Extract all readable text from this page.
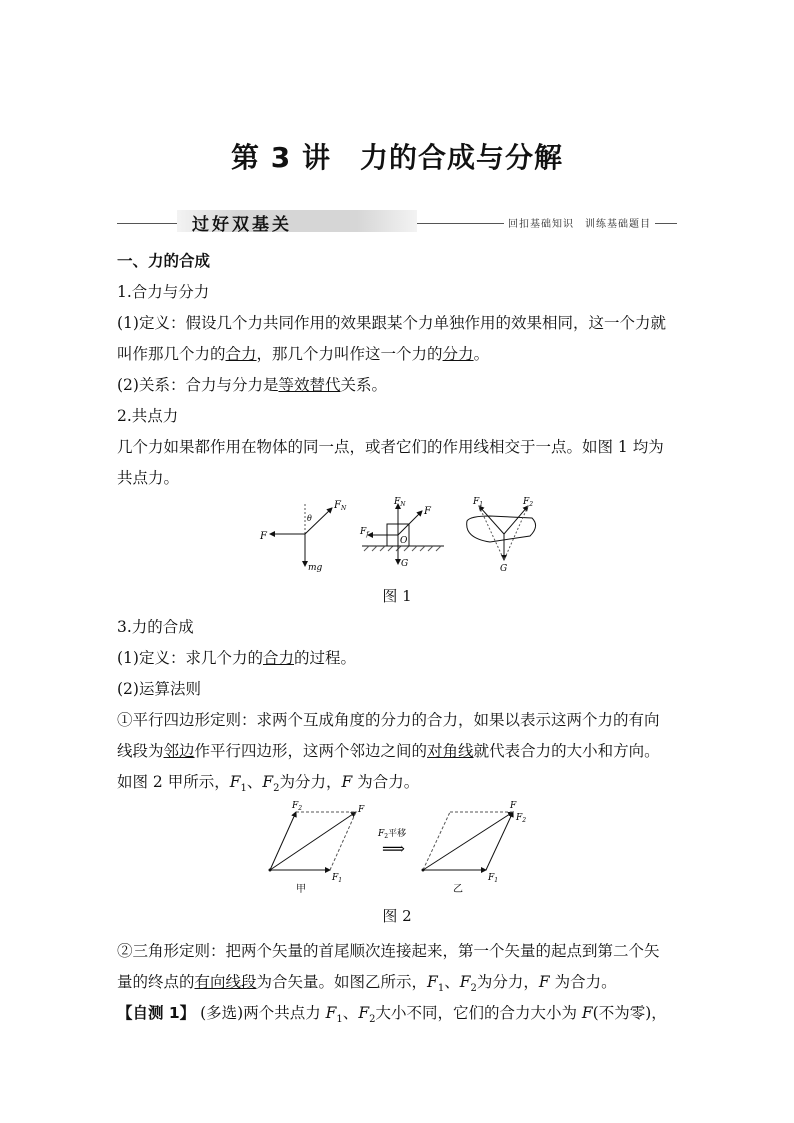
第 3 讲　力的合成与分解
过好双基关	回扣基础知识　训练基础题目
一、力的合成
1.合力与分力
(1)定义：假设几个力共同作用的效果跟某个力单独作用的效果相同，这一个力就
叫作那几个力的合力，那几个力叫作这一个力的分力。
(2)关系：合力与分力是等效替代关系。
2.共点力
几个力如果都作用在物体的同一点，或者它们的作用线相交于一点。如图 1 均为
共点力。
F
$F_N$
θ
mg
$F_N$
F
$F_f$
O
G
$F_1$	$F_2$
G
图 1
3.力的合成
(1)定义：求几个力的合力的过程。
(2)运算法则
①平行四边形定则：求两个互成角度的分力的合力，如果以表示这两个力的有向
线段为邻边作平行四边形，这两个邻边之间的对角线就代表合力的大小和方向。
如图 2 甲所示，$F_1$、$F_2$为分力，F 为合力。
$F_2$	F
$F_1$
甲
$F_2$平移
⟹
F
$F_2$
$F_1$
乙
图 2
②三角形定则：把两个矢量的首尾顺次连接起来，第一个矢量的起点到第二个矢
量的终点的有向线段为合矢量。如图乙所示，$F_1$、$F_2$为分力，F 为合力。
【自测 1】 (多选)两个共点力 $F_1$、$F_2$大小不同，它们的合力大小为 F(不为零)，
